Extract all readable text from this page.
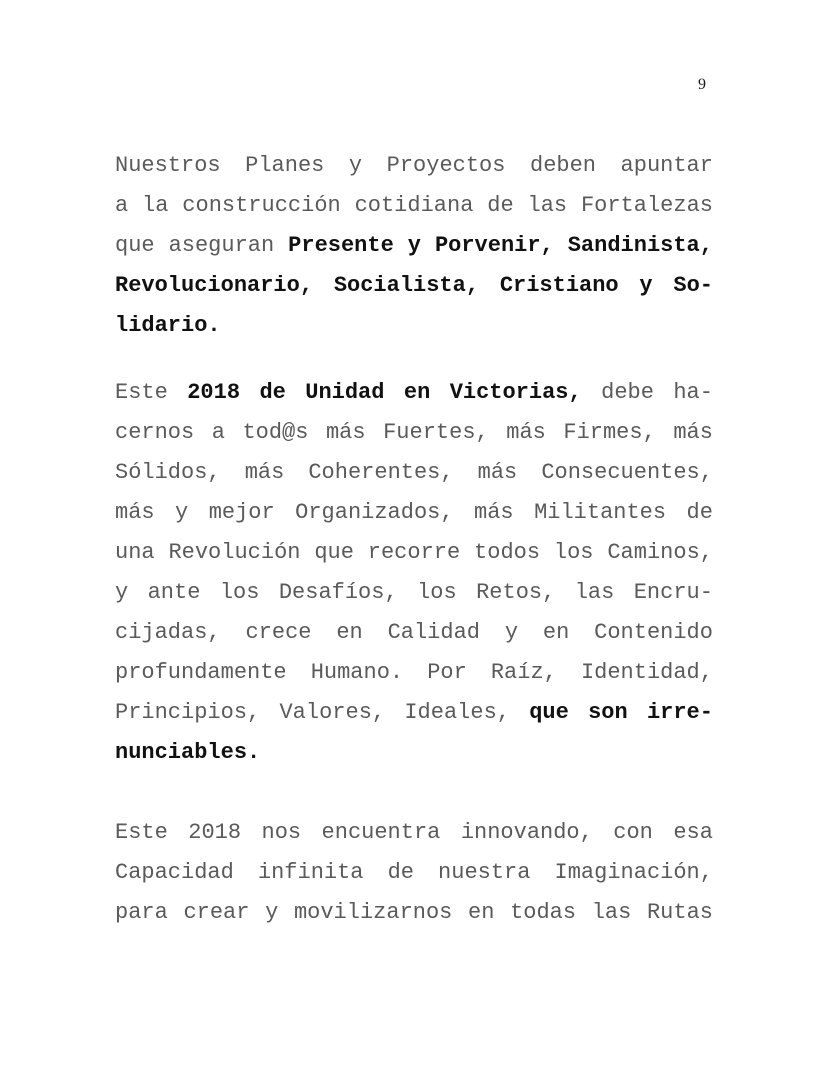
9
Nuestros Planes y Proyectos deben apuntar
a la construcción cotidiana de las Fortalezas
que aseguran Presente y Porvenir, Sandinista,
Revolucionario, Socialista, Cristiano y So-
lidario.
Este 2018 de Unidad en Victorias, debe ha-
cernos a tod@s más Fuertes, más Firmes, más
Sólidos, más Coherentes, más Consecuentes,
más y mejor Organizados, más Militantes de
una Revolución que recorre todos los Caminos,
y ante los Desafíos, los Retos, las Encru-
cijadas, crece en Calidad y en Contenido
profundamente Humano. Por Raíz, Identidad,
Principios, Valores, Ideales, que son irre-
nunciables.
Este 2018 nos encuentra innovando, con esa
Capacidad infinita de nuestra Imaginación,
para crear y movilizarnos en todas las Rutas
